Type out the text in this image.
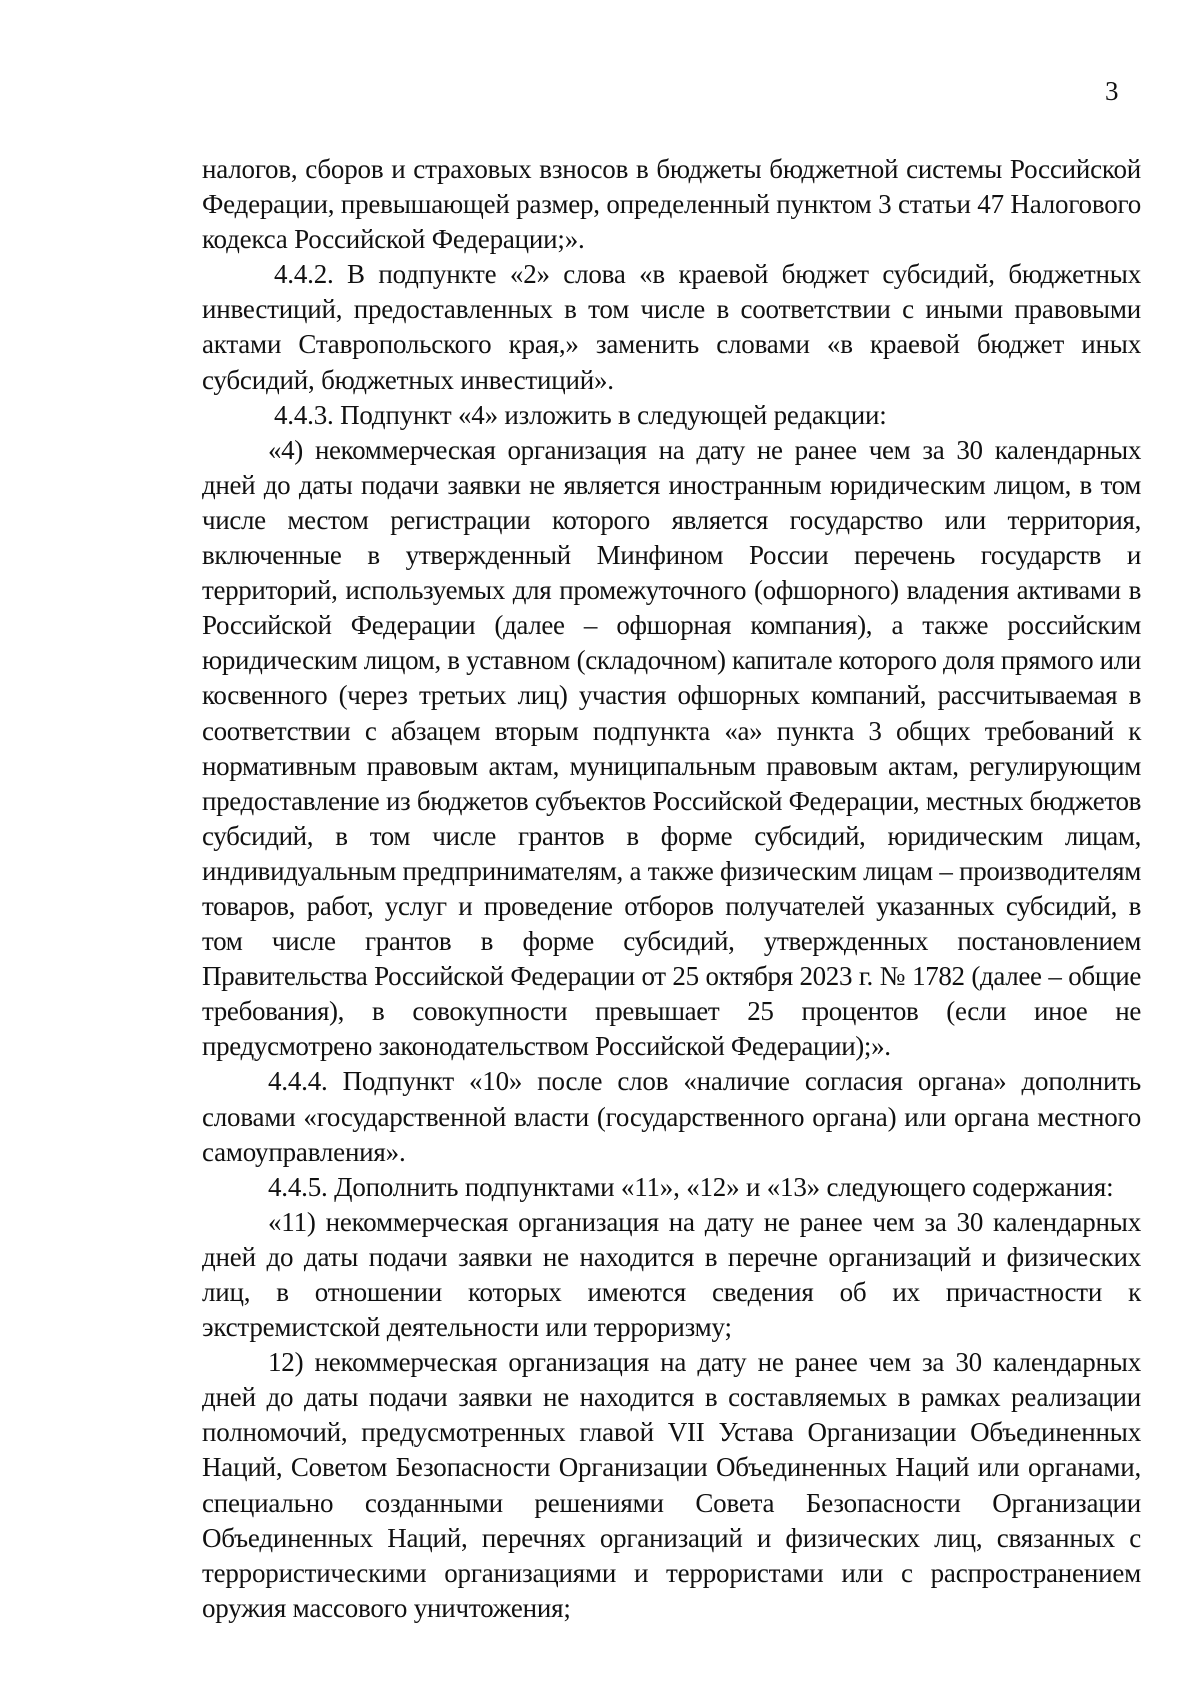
3

налогов, сборов и страховых взносов в бюджеты бюджетной системы Российской Федерации, превышающей размер, определенный пунктом 3 статьи 47 Налогового кодекса Российской Федерации;».

4.4.2. В подпункте «2» слова «в краевой бюджет субсидий, бюджетных инвестиций, предоставленных в том числе в соответствии с иными правовыми актами Ставропольского края,» заменить словами «в краевой бюджет иных субсидий, бюджетных инвестиций».

4.4.3. Подпункт «4» изложить в следующей редакции:

«4) некоммерческая организация на дату не ранее чем за 30 календарных дней до даты подачи заявки не является иностранным юридическим лицом, в том числе местом регистрации которого является государство или территория, включенные в утвержденный Минфином России перечень государств и территорий, используемых для промежуточного (офшорного) владения активами в Российской Федерации (далее – офшорная компания), а также российским юридическим лицом, в уставном (складочном) капитале которого доля прямого или косвенного (через третьих лиц) участия офшорных компаний, рассчитываемая в соответствии с абзацем вторым подпункта «а» пункта 3 общих требований к нормативным правовым актам, муниципальным правовым актам, регулирующим предоставление из бюджетов субъектов Российской Федерации, местных бюджетов субсидий, в том числе грантов в форме субсидий, юридическим лицам, индивидуальным предпринимателям, а также физическим лицам – производителям товаров, работ, услуг и проведение отборов получателей указанных субсидий, в том числе грантов в форме субсидий, утвержденных постановлением Правительства Российской Федерации от 25 октября 2023 г. № 1782 (далее – общие требования), в совокупности превышает 25 процентов (если иное не предусмотрено законодательством Российской Федерации);».

4.4.4. Подпункт «10» после слов «наличие согласия органа» дополнить словами «государственной власти (государственного органа) или органа местного самоуправления».

4.4.5. Дополнить подпунктами «11», «12» и «13» следующего содержания:

«11) некоммерческая организация на дату не ранее чем за 30 календарных дней до даты подачи заявки не находится в перечне организаций и физических лиц, в отношении которых имеются сведения об их причастности к экстремистской деятельности или терроризму;

12) некоммерческая организация на дату не ранее чем за 30 календарных дней до даты подачи заявки не находится в составляемых в рамках реализации полномочий, предусмотренных главой VII Устава Организации Объединенных Наций, Советом Безопасности Организации Объединенных Наций или органами, специально созданными решениями Совета Безопасности Организации Объединенных Наций, перечнях организаций и физических лиц, связанных с террористическими организациями и террористами или с распространением оружия массового уничтожения;
